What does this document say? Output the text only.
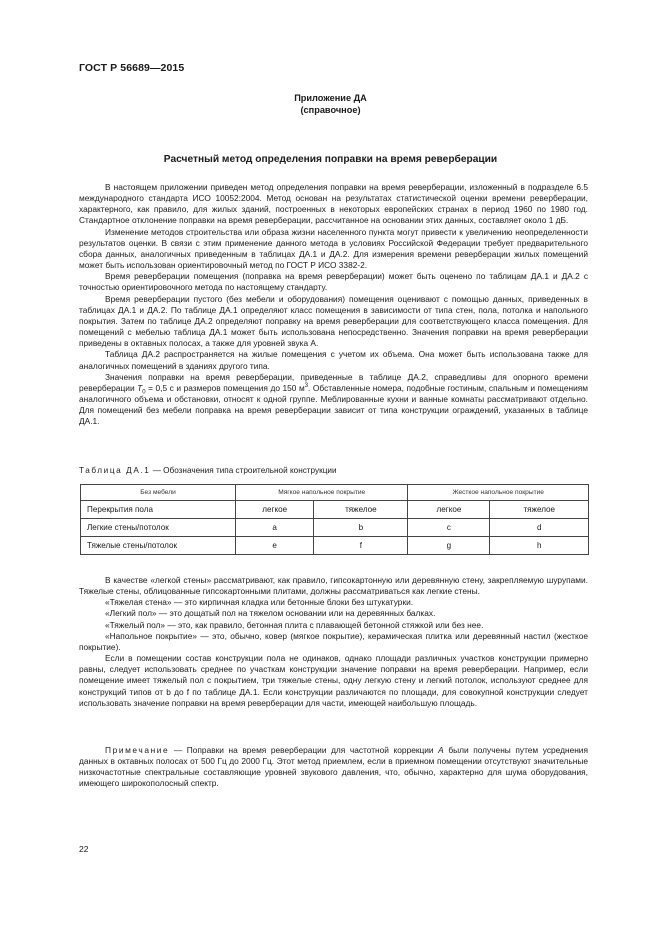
ГОСТ Р 56689—2015
Приложение ДА
(справочное)
Расчетный метод определения поправки на время реверберации

В настоящем приложении приведен метод определения поправки на время реверберации, изложенный в подразделе 6.5 международного стандарта ИСО 10052:2004. Метод основан на результатах статистической оценки времени реверберации, характерного, как правило, для жилых зданий, построенных в некоторых европейских странах в период 1960 по 1980 год. Стандартное отклонение поправки на время реверберации, рассчитанное на основании этих данных, составляет около 1 дБ.

Изменение методов строительства или образа жизни населенного пункта могут привести к увеличению неопределенности результатов оценки. В связи с этим применение данного метода в условиях Российской Федерации требует предварительного сбора данных, аналогичных приведенным в таблицах ДА.1 и ДА.2. Для измерения времени реверберации жилых помещений может быть использован ориентировочный метод по ГОСТ Р ИСО 3382-2.

Время реверберации помещения (поправка на время реверберации) может быть оценено по таблицам ДА.1 и ДА.2 с точностью ориентировочного метода по настоящему стандарту.

Время реверберации пустого (без мебели и оборудования) помещения оценивают с помощью данных, приведенных в таблицах ДА.1 и ДА.2. По таблице ДА.1 определяют класс помещения в зависимости от типа стен, пола, потолка и напольного покрытия. Затем по таблице ДА.2 определяют поправку на время реверберации для соответствующего класса помещения. Для помещений с мебелью таблица ДА.1 может быть использована непосредственно. Значения поправки на время реверберации приведены в октавных полосах, а также для уровней звука А.

Таблица ДА.2 распространяется на жилые помещения с учетом их объема. Она может быть использована также для аналогичных помещений в зданиях другого типа.

Значения поправки на время реверберации, приведенные в таблице ДА.2, справедливы для опорного времени реверберации $T_0 = 0,5$ с и размеров помещения до 150 $м^3$. Обставленные номера, подобные гостиным, спальным и помещениям аналогичного объема и обстановки, относят к одной группе. Меблированные кухни и ванные комнаты рассматривают отдельно. Для помещений без мебели поправка на время реверберации зависит от типа конструкции ограждений, указанных в таблице ДА.1.

Таблица ДА.1 — Обозначения типа строительной конструкции
Без мебели	Мягкое напольное покрытие		Жесткое напольное покрытие	
Перекрытия пола	легкое	тяжелое	легкое	тяжелое
Легкие стены/потолок	a	b	c	d
Тяжелые стены/потолок	e	f	g	h

В качестве «легкой стены» рассматривают, как правило, гипсокартонную или деревянную стену, закрепляемую шурупами. Тяжелые стены, облицованные гипсокартонными плитами, должны рассматриваться как легкие стены.

«Тяжелая стена» — это кирпичная кладка или бетонные блоки без штукатурки.

«Легкий пол» — это дощатый пол на тяжелом основании или на деревянных балках.

«Тяжелый пол» — это, как правило, бетонная плита с плавающей бетонной стяжкой или без нее.

«Напольное покрытие» — это, обычно, ковер (мягкое покрытие), керамическая плитка или деревянный настил (жесткое покрытие).

Если в помещении состав конструкции пола не одинаков, однако площади различных участков конструкции примерно равны, следует использовать среднее по участкам конструкции значение поправки на время реверберации. Например, если помещение имеет тяжелый пол с покрытием, три тяжелые стены, одну легкую стену и легкий потолок, используют среднее для конструкций типов от b до f по таблице ДА.1. Если конструкции различаются по площади, для совокупной конструкции следует использовать значение поправки на время реверберации для части, имеющей наибольшую площадь.

Примечание — Поправки на время реверберации для частотной коррекции A были получены путем усреднения данных в октавных полосах от 500 Гц до 2000 Гц. Этот метод приемлем, если в приемном помещении отсутствуют значительные низкочастотные спектральные составляющие уровней звукового давления, что, обычно, характерно для шума оборудования, имеющего широкополосный спектр.

22
